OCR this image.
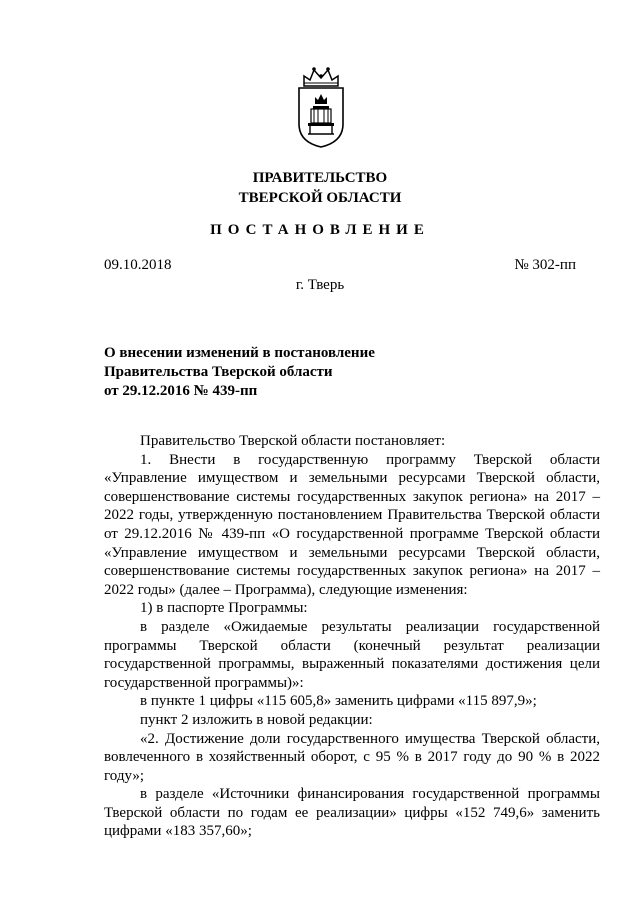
ПРАВИТЕЛЬСТВО
ТВЕРСКОЙ ОБЛАСТИ
ПОСТАНОВЛЕНИЕ
09.10.2018	№ 302-пп
г. Тверь
О внесении изменений в постановление
Правительства Тверской области
от 29.12.2016 № 439-пп

Правительство Тверской области постановляет:

1. Внести в государственную программу Тверской области «Управление имуществом и земельными ресурсами Тверской области, совершенствование системы государственных закупок региона» на 2017 – 2022 годы, утвержденную постановлением Правительства Тверской области от 29.12.2016 № 439-пп «О государственной программе Тверской области «Управление имуществом и земельными ресурсами Тверской области, совершенствование системы государственных закупок региона» на 2017 – 2022 годы» (далее – Программа), следующие изменения:

1) в паспорте Программы:

в разделе «Ожидаемые результаты реализации государственной программы Тверской области (конечный результат реализации государственной программы, выраженный показателями достижения цели государственной программы)»:

в пункте 1 цифры «115 605,8» заменить цифрами «115 897,9»;

пункт 2 изложить в новой редакции:

«2. Достижение доли государственного имущества Тверской области, вовлеченного в хозяйственный оборот, с 95 % в 2017 году до 90 % в 2022 году»;

в разделе «Источники финансирования государственной программы Тверской области по годам ее реализации» цифры «152 749,6» заменить цифрами «183 357,60»;
